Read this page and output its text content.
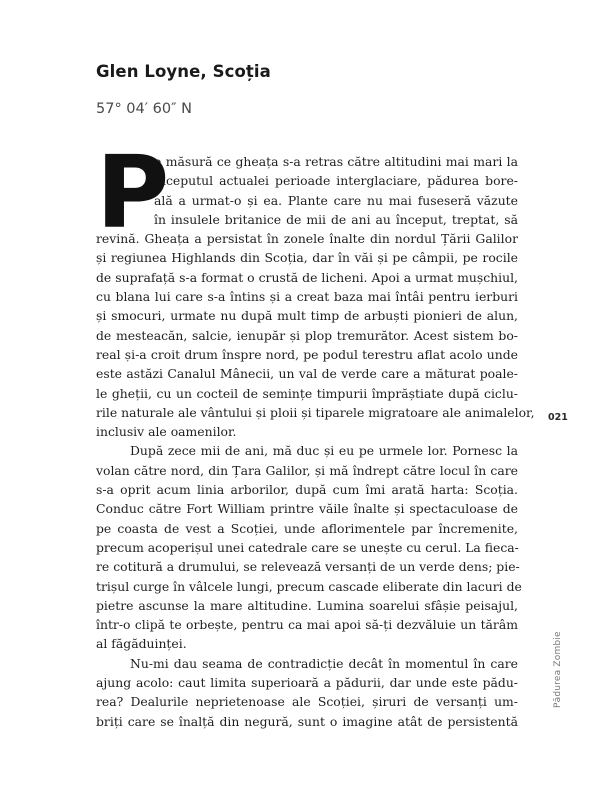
Glen Loyne, Scoția
57° 04′ 60″ N
P
e măsură ce gheața s-a retras către altitudini mai mari la
începutul actualei perioade interglaciare, pădurea bore-
ală a urmat-o și ea. Plante care nu mai fuseseră văzute
în insulele britanice de mii de ani au început, treptat, să
revină. Gheața a persistat în zonele înalte din nordul Țării Galilor
și regiunea Highlands din Scoția, dar în văi și pe câmpii, pe rocile
de suprafață s-a format o crustă de licheni. Apoi a urmat mușchiul,
cu blana lui care s-a întins și a creat baza mai întâi pentru ierburi
și smocuri, urmate nu după mult timp de arbuști pionieri de alun,
de mesteacăn, salcie, ienupăr și plop tremurător. Acest sistem bo-
real și-a croit drum înspre nord, pe podul terestru aflat acolo unde
este astăzi Canalul Mânecii, un val de verde care a măturat poale-
le gheții, cu un cocteil de semințe timpurii împrăștiate după ciclu-
rile naturale ale vântului și ploii și tiparele migratoare ale animalelor,
inclusiv ale oamenilor.
După zece mii de ani, mă duc și eu pe urmele lor. Pornesc la
volan către nord, din Țara Galilor, și mă îndrept către locul în care
s-a oprit acum linia arborilor, după cum îmi arată harta: Scoția.
Conduc către Fort William printre văile înalte și spectaculoase de
pe coasta de vest a Scoției, unde aflorimentele par încremenite,
precum acoperișul unei catedrale care se unește cu cerul. La fieca-
re cotitură a drumului, se relevează versanți de un verde dens; pie-
trișul curge în vâlcele lungi, precum cascade eliberate din lacuri de
pietre ascunse la mare altitudine. Lumina soarelui sfâșie peisajul,
într-o clipă te orbește, pentru ca mai apoi să-ți dezvăluie un tărâm
al făgăduinței.
Nu-mi dau seama de contradicție decât în momentul în care
ajung acolo: caut limita superioară a pădurii, dar unde este pădu-
rea? Dealurile neprietenoase ale Scoției, șiruri de versanți um-
briți care se înalță din negură, sunt o imagine atât de persistentă
021
Pădurea Zombie
